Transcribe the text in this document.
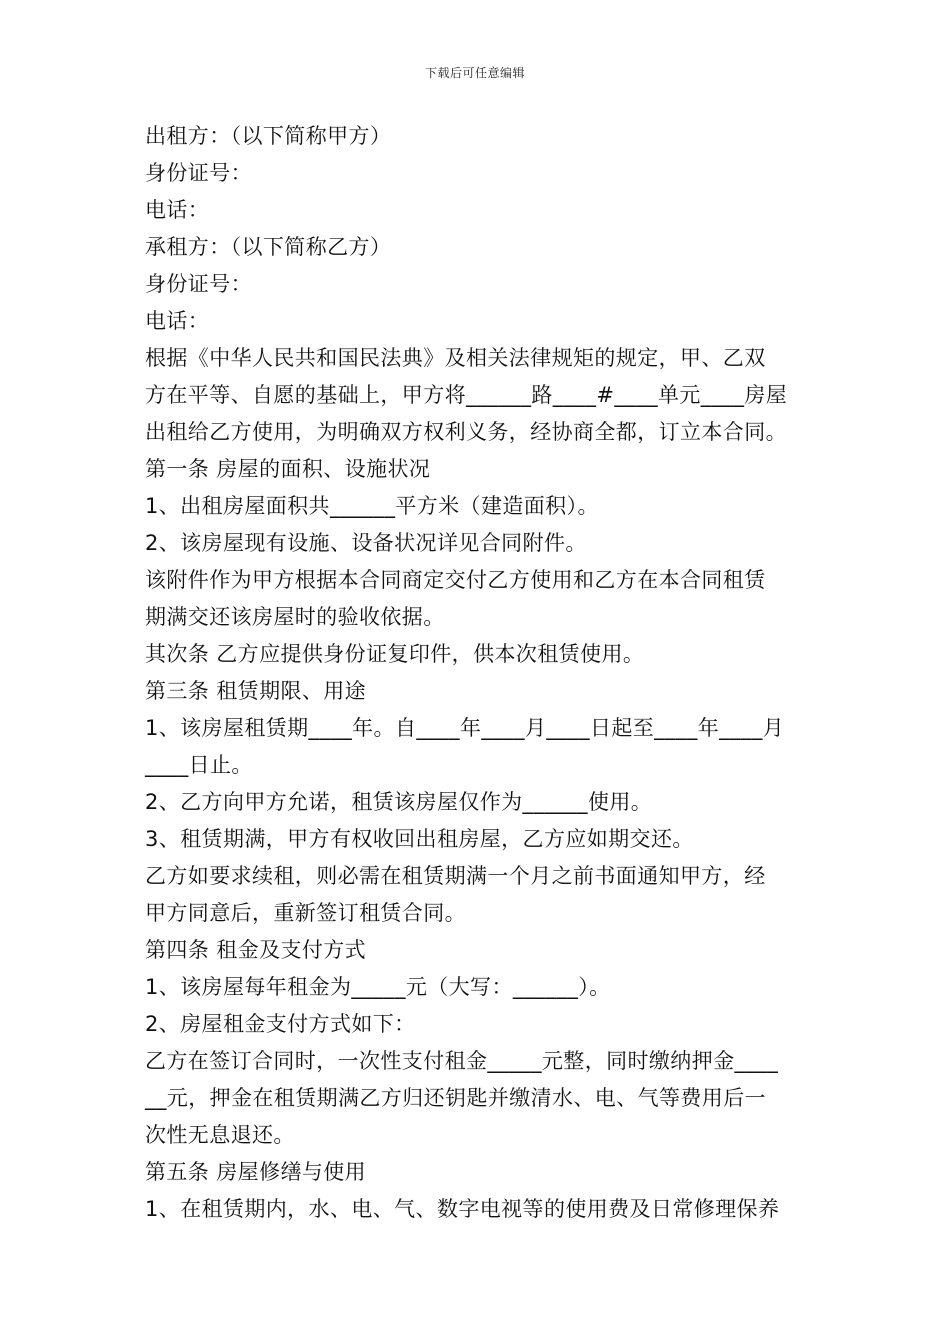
下载后可任意编辑
出租方：（以下简称甲方）
身份证号：
电话：
承租方：（以下简称乙方）
身份证号：
电话：
根据《中华人民共和国民法典》及相关法律规矩的规定，甲、乙双
方在平等、自愿的基础上，甲方将______路____#____单元____房屋
出租给乙方使用，为明确双方权利义务，经协商全都，订立本合同。
第一条 房屋的面积、设施状况
1、出租房屋面积共______平方米（建造面积）。
2、该房屋现有设施、设备状况详见合同附件。
该附件作为甲方根据本合同商定交付乙方使用和乙方在本合同租赁
期满交还该房屋时的验收依据。
其次条 乙方应提供身份证复印件，供本次租赁使用。
第三条 租赁期限、用途
1、该房屋租赁期____年。自____年____月____日起至____年____月
____日止。
2、乙方向甲方允诺，租赁该房屋仅作为______使用。
3、租赁期满，甲方有权收回出租房屋，乙方应如期交还。
乙方如要求续租，则必需在租赁期满一个月之前书面通知甲方，经
甲方同意后，重新签订租赁合同。
第四条 租金及支付方式
1、该房屋每年租金为_____元（大写：______）。
2、房屋租金支付方式如下：
乙方在签订合同时，一次性支付租金_____元整，同时缴纳押金____
__元，押金在租赁期满乙方归还钥匙并缴清水、电、气等费用后一
次性无息退还。
第五条 房屋修缮与使用
1、在租赁期内，水、电、气、数字电视等的使用费及日常修理保养
